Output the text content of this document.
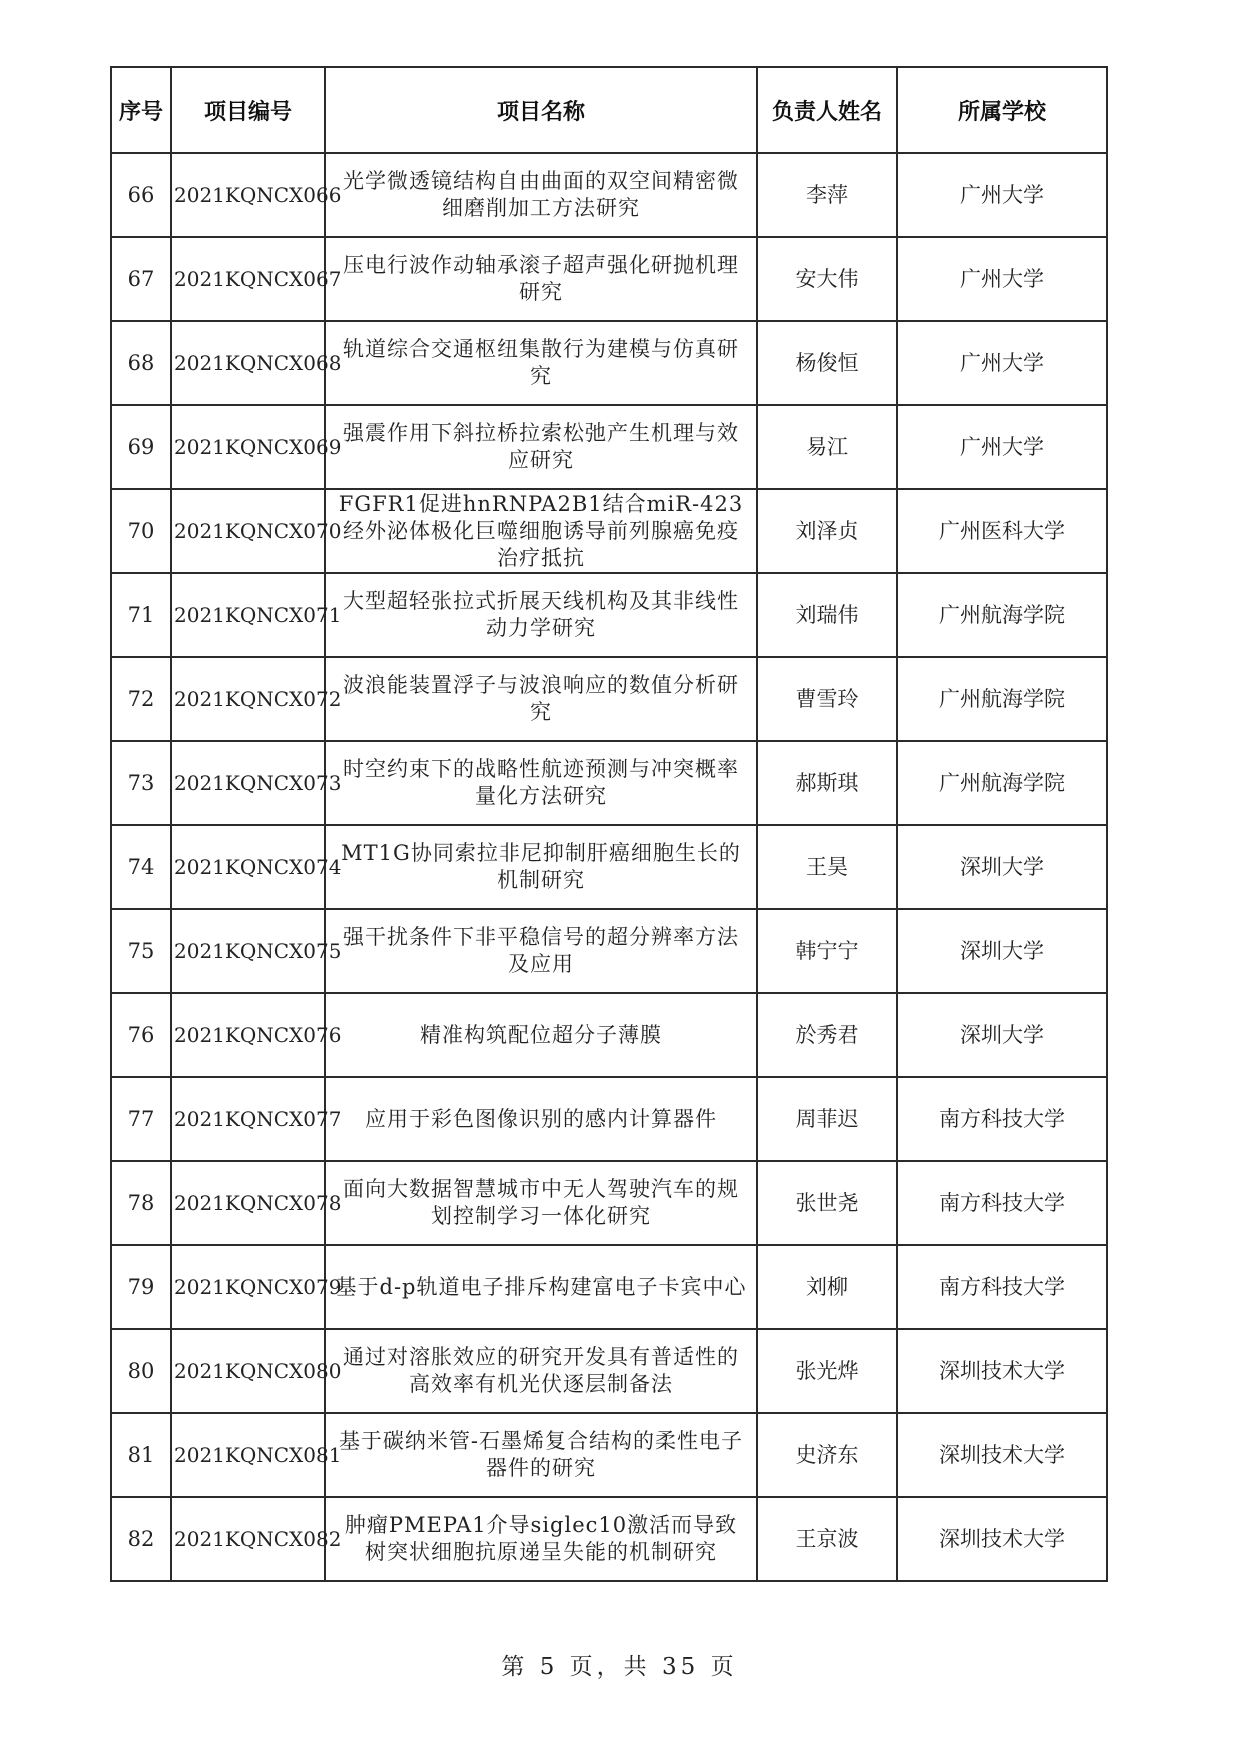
序号	项目编号	项目名称	负责人姓名	所属学校
66	2021KQNCX066	光学微透镜结构自由曲面的双空间精密微细磨削加工方法研究	李萍	广州大学
67	2021KQNCX067	压电行波作动轴承滚子超声强化研抛机理研究	安大伟	广州大学
68	2021KQNCX068	轨道综合交通枢纽集散行为建模与仿真研究	杨俊恒	广州大学
69	2021KQNCX069	强震作用下斜拉桥拉索松弛产生机理与效应研究	易江	广州大学
70	2021KQNCX070	FGFR1促进hnRNPA2B1结合miR-423经外泌体极化巨噬细胞诱导前列腺癌免疫治疗抵抗	刘泽贞	广州医科大学
71	2021KQNCX071	大型超轻张拉式折展天线机构及其非线性动力学研究	刘瑞伟	广州航海学院
72	2021KQNCX072	波浪能装置浮子与波浪响应的数值分析研究	曹雪玲	广州航海学院
73	2021KQNCX073	时空约束下的战略性航迹预测与冲突概率量化方法研究	郝斯琪	广州航海学院
74	2021KQNCX074	MT1G协同索拉非尼抑制肝癌细胞生长的机制研究	王昊	深圳大学
75	2021KQNCX075	强干扰条件下非平稳信号的超分辨率方法及应用	韩宁宁	深圳大学
76	2021KQNCX076	精准构筑配位超分子薄膜	於秀君	深圳大学
77	2021KQNCX077	应用于彩色图像识别的感内计算器件	周菲迟	南方科技大学
78	2021KQNCX078	面向大数据智慧城市中无人驾驶汽车的规划控制学习一体化研究	张世尧	南方科技大学
79	2021KQNCX079	基于d-p轨道电子排斥构建富电子卡宾中心	刘柳	南方科技大学
80	2021KQNCX080	通过对溶胀效应的研究开发具有普适性的高效率有机光伏逐层制备法	张光烨	深圳技术大学
81	2021KQNCX081	基于碳纳米管-石墨烯复合结构的柔性电子器件的研究	史济东	深圳技术大学
82	2021KQNCX082	肿瘤PMEPA1介导siglec10激活而导致树突状细胞抗原递呈失能的机制研究	王京波	深圳技术大学
第 5 页，共 35 页
